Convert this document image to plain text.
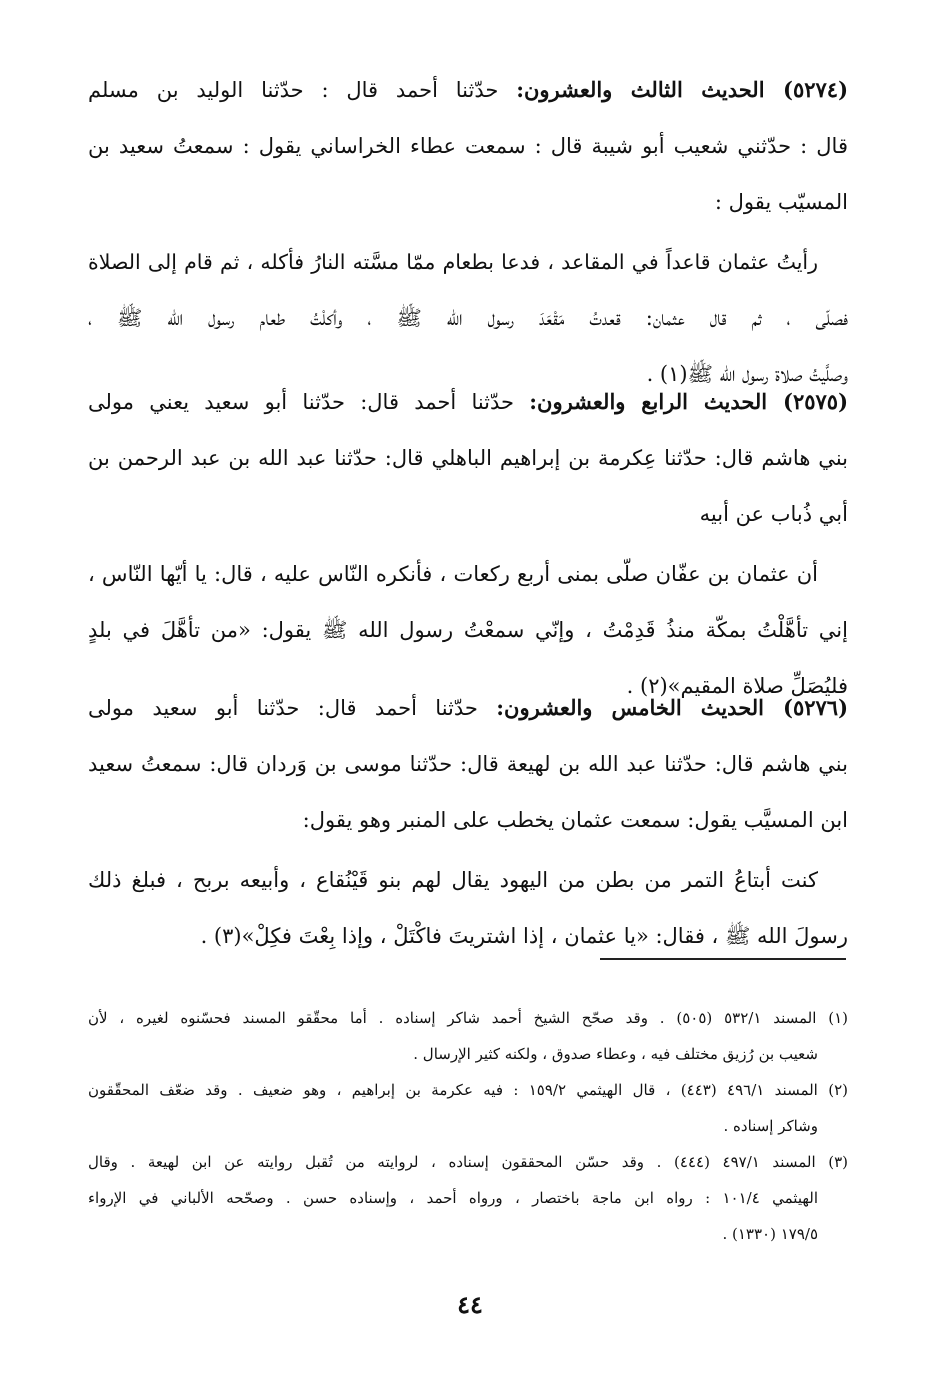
(٥٢٧٤) الحديث الثالث والعشرون: حدّثنا أحمد قال : حدّثنا الوليد بن مسلم
قال : حدّثني شعيب أبو شيبة قال : سمعت عطاء الخراساني يقول : سمعتُ سعيد بن
المسيّب يقول :
رأيتُ عثمان قاعداً في المقاعد ، فدعا بطعام ممّا مسَّته النارُ فأكله ، ثم قام إلى الصلاة
فصلّى ، ثم قال عثمان: قعدتُ مَقْعَدَ رسول الله ﷺ ، وأكلْتُ طعام رسول الله ﷺ ،
وصلَّيتُ صلاة رسول الله ﷺ(١) .
(٢٥٧٥) الحديث الرابع والعشرون: حدّثنا أحمد قال: حدّثنا أبو سعيد يعني مولى
بني هاشم قال: حدّثنا عِكرمة بن إبراهيم الباهلي قال: حدّثنا عبد الله بن عبد الرحمن بن
أبي ذُباب عن أبيه
أن عثمان بن عفّان صلّى بمنى أربع ركعات ، فأنكره النّاس عليه ، قال: يا أيّها النّاس ،
إني تأهَّلْتُ بمكّة منذُ قَدِمْتُ ، وإنّي سمعْتُ رسول الله ﷺ يقول: «من تأهَّلَ في بلدٍ
فليُصَلِّ صلاة المقيم»(٢) .
(٥٢٧٦) الحديث الخامس والعشرون: حدّثنا أحمد قال: حدّثنا أبو سعيد مولى
بني هاشم قال: حدّثنا عبد الله بن لهيعة قال: حدّثنا موسى بن وَردان قال: سمعتُ سعيد
ابن المسيَّب يقول: سمعت عثمان يخطب على المنبر وهو يقول:
كنت أبتاعُ التمر من بطن من اليهود يقال لهم بنو قَيْنُقاع ، وأبيعه بربح ، فبلغ ذلك
رسولَ الله ﷺ ، فقال: «يا عثمان ، إذا اشتريتَ فاكْتَلْ ، وإذا بِعْتَ فكِلْ»(٣) .
(١) المسند ٥٣٢/١ (٥٠٥) . وقد صحّح الشيخ أحمد شاكر إسناده . أما محقّقو المسند فحسّنوه لغيره ، لأن
شعيب بن رُزيق مختلف فيه ، وعطاء صدوق ، ولكنه كثير الإرسال .
(٢) المسند ٤٩٦/١ (٤٤٣) ، قال الهيثمي ١٥٩/٢ : فيه عكرمة بن إبراهيم ، وهو ضعيف . وقد ضعّف المحقّقون
وشاكر إسناده .
(٣) المسند ٤٩٧/١ (٤٤٤) . وقد حسّن المحققون إسناده ، لروايته من تُقبل روايته عن ابن لهيعة . وقال
الهيثمي ١٠١/٤ : رواه ابن ماجة باختصار ، ورواه أحمد ، وإسناده حسن . وصحّحه الألباني في الإرواء
١٧٩/٥ (١٣٣٠) .
٤٤
